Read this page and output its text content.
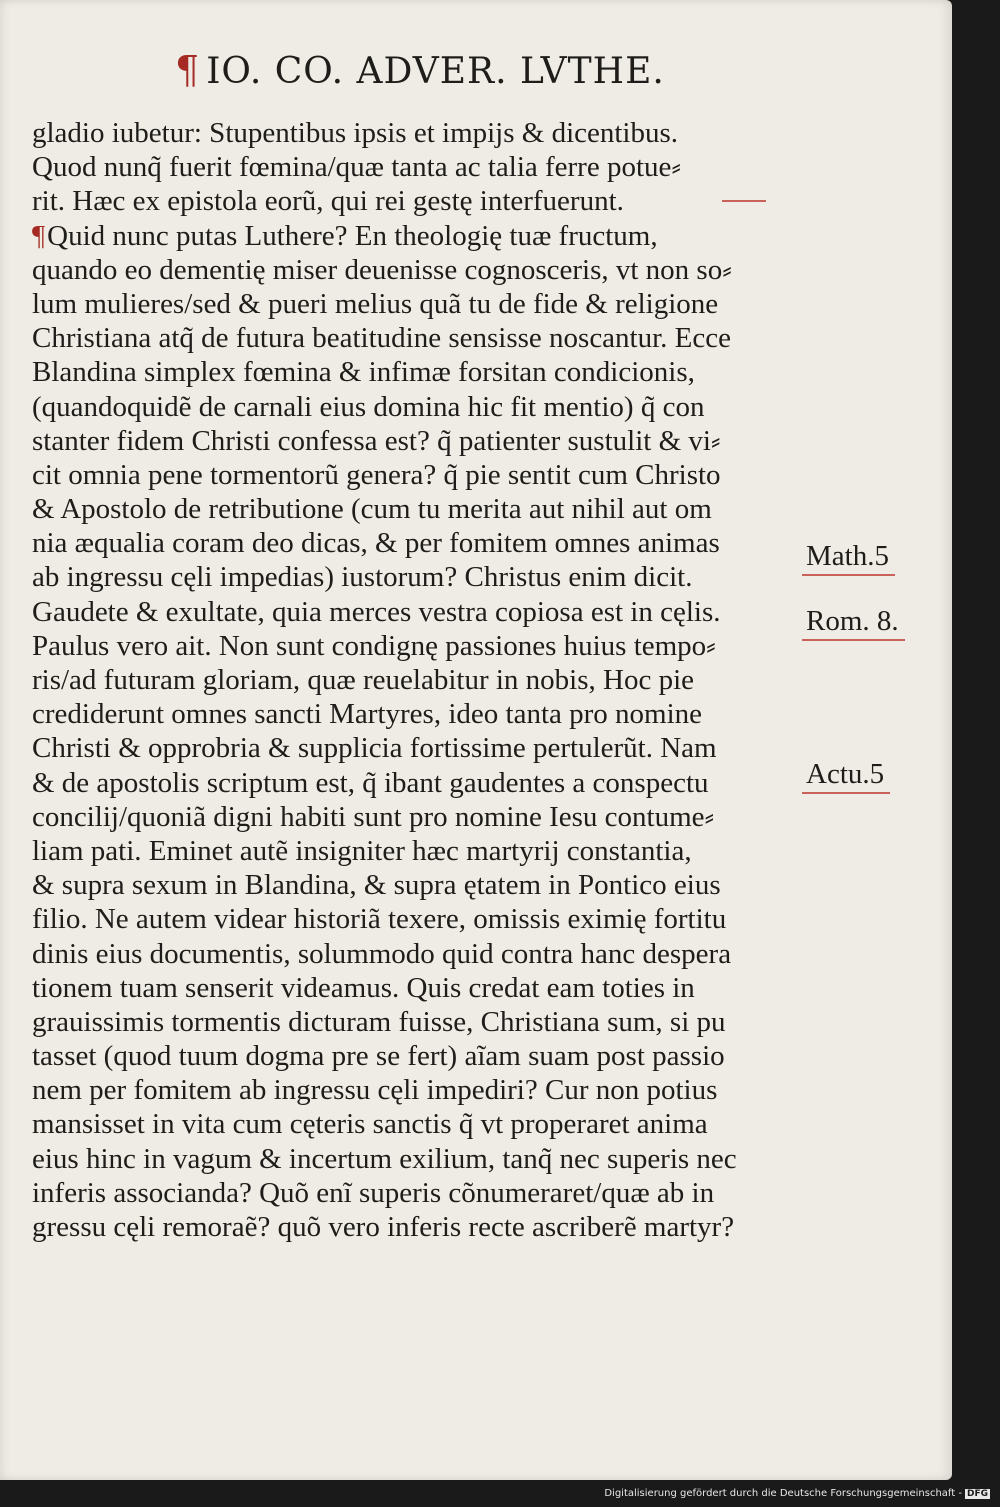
¶ IO. CO. ADVER. LVTHE.
gladio iubetur: Stupentibus ipsis et impijs & dicentibus.
Quod nunq̃ fuerit fœmina/quæ tanta ac talia ferre potue⸗
rit. Hæc ex epistola eorũ, qui rei gestę interfuerunt.
¶ Quid nunc putas Luthere? En theologię tuæ fructum,
quando eo dementię miser deuenisse cognosceris, vt non so⸗
lum mulieres/sed & pueri melius quã tu de fide & religione
Christiana atq̃ de futura beatitudine sensisse noscantur. Ecce
Blandina simplex fœmina & infimæ forsitan condicionis,
(quandoquidẽ de carnali eius domina hic fit mentio) q̃ con
stanter fidem Christi confessa est? q̃ patienter sustulit & vi⸗
cit omnia pene tormentorũ genera? q̃ pie sentit cum Christo
& Apostolo de retributione (cum tu merita aut nihil aut om
nia æqualia coram deo dicas, & per fomitem omnes animas
ab ingressu cęli impedias) iustorum? Christus enim dicit.
Gaudete & exultate, quia merces vestra copiosa est in cęlis.
Paulus vero ait. Non sunt condignę passiones huius tempo⸗
ris/ad futuram gloriam, quæ reuelabitur in nobis, Hoc pie
crediderunt omnes sancti Martyres, ideo tanta pro nomine
Christi & opprobria & supplicia fortissime pertulerũt. Nam
& de apostolis scriptum est, q̃ ibant gaudentes a conspectu
concilij/quoniã digni habiti sunt pro nomine Iesu contume⸗
liam pati. Eminet autẽ insigniter hæc martyrij constantia,
& supra sexum in Blandina, & supra ętatem in Pontico eius
filio. Ne autem videar historiã texere, omissis eximię fortitu
dinis eius documentis, solummodo quid contra hanc despera
tionem tuam senserit videamus. Quis credat eam toties in
grauissimis tormentis dicturam fuisse, Christiana sum, si pu
tasset (quod tuum dogma pre se fert) aĩam suam post passio
nem per fomitem ab ingressu cęli impediri? Cur non potius
mansisset in vita cum cęteris sanctis q̃ vt properaret anima
eius hinc in vagum & incertum exilium, tanq̃ nec superis nec
inferis associanda? Quõ enĩ superis cõnumeraret/quæ ab in
gressu cęli remoraẽ? quõ vero inferis recte ascriberẽ martyr?
Math.5
Rom. 8.
Actu.5
Digitalisierung gefördert durch die Deutsche Forschungsgemeinschaft - DFG
